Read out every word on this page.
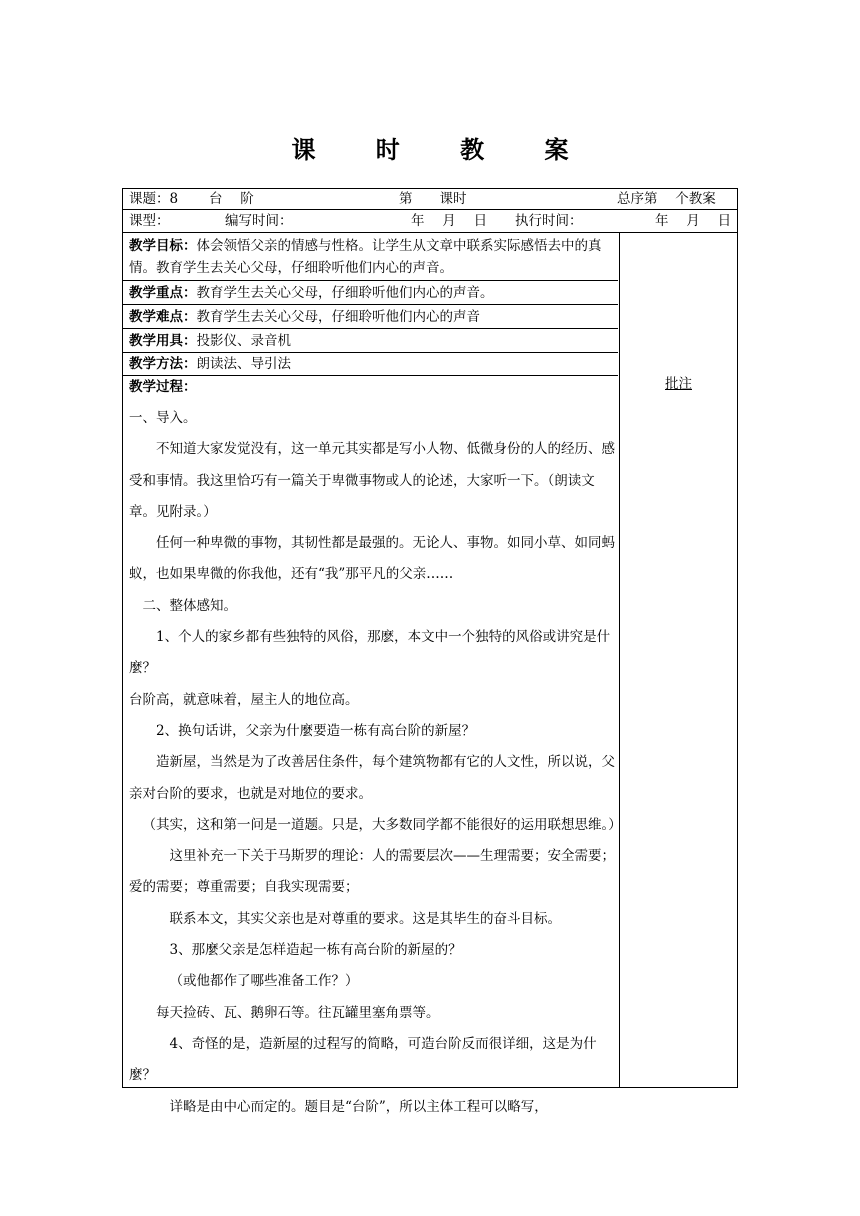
课 时 教 案
课题：8 台　 阶	第　　课时	总序第　 个教案
课型：	编写时间：	年　 月　 日 执行时间：	年　 月　 日
教学目标：体会领悟父亲的情感与性格。让学生从文章中联系实际感悟去中的真情。教育学生去关心父母，仔细聆听他们内心的声音。
教学重点：教育学生去关心父母，仔细聆听他们内心的声音。
教学难点：教育学生去关心父母，仔细聆听他们内心的声音
教学用具：投影仪、录音机
教学方法：朗读法、导引法

教学过程：

一、导入。

不知道大家发觉没有，这一单元其实都是写小人物、低微身份的人的经历、感受和事情。我这里恰巧有一篇关于卑微事物或人的论述，大家听一下。（朗读文章。见附录。）

任何一种卑微的事物，其韧性都是最强的。无论人、事物。如同小草、如同蚂蚁，也如果卑微的你我他，还有“我”那平凡的父亲……

二、整体感知。

1、个人的家乡都有些独特的风俗，那麽，本文中一个独特的风俗或讲究是什麼？

台阶高，就意味着，屋主人的地位高。

2、换句话讲，父亲为什麼要造一栋有高台阶的新屋？

造新屋，当然是为了改善居住条件，每个建筑物都有它的人文性，所以说，父亲对台阶的要求，也就是对地位的要求。

（其实，这和第一问是一道题。只是，大多数同学都不能很好的运用联想思维。）

这里补充一下关于马斯罗的理论：人的需要层次——生理需要；安全需要；爱的需要；尊重需要；自我实现需要；

联系本文，其实父亲也是对尊重的要求。这是其毕生的奋斗目标。

3、那麼父亲是怎样造起一栋有高台阶的新屋的？

（或他都作了哪些准备工作？）

每天捡砖、瓦、鹅卵石等。往瓦罐里塞角票等。

4、奇怪的是，造新屋的过程写的简略，可造台阶反而很详细，这是为什麼？

详略是由中心而定的。题目是“台阶”，所以主体工程可以略写，

批注
